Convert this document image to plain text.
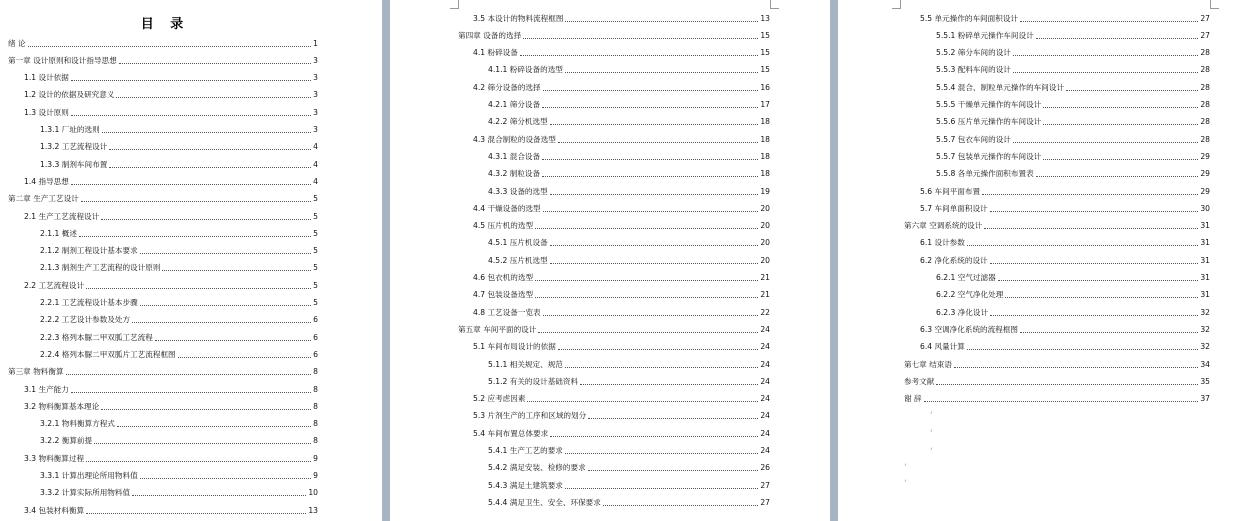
目 录
绪 论	1
第一章 设计原则和设计指导思想	3
1.1 设计依据	3
1.2 设计的依据及研究意义	3
1.3 设计原则	3
1.3.1 厂址的选则	3
1.3.2 工艺流程设计	4
1.3.3 制剂车间布置	4
1.4 指导思想	4
第二章 生产工艺设计	5
2.1 生产工艺流程设计	5
2.1.1 概述	5
2.1.2 制剂工程设计基本要求	5
2.1.3 制剂生产工艺流程的设计原则	5
2.2 工艺流程设计	5
2.2.1 工艺流程设计基本步骤	5
2.2.2 工艺设计参数及处方	6
2.2.3 格列本脲二甲双胍工艺流程	6
2.2.4 格列本脲二甲双胍片工艺流程框图	6
第三章 物料衡算	8
3.1 生产能力	8
3.2 物料衡算基本理论	8
3.2.1 物料衡算方程式	8
3.2.2 衡算前提	8
3.3 物料衡算过程	9
3.3.1 计算出理论所用物料值	9
3.3.2 计算实际所用物料值	10
3.4 包装材料衡算	13
3.5 本设计的物料流程框图	13
第四章 设备的选择	15
4.1 粉碎设备	15
4.1.1 粉碎设备的选型	15
4.2 筛分设备的选择	16
4.2.1 筛分设备	17
4.2.2 筛分机选型	18
4.3 混合制粒的设备选型	18
4.3.1 混合设备	18
4.3.2 制粒设备	18
4.3.3 设备的选型	19
4.4 干燥设备的选型	20
4.5 压片机的选型	20
4.5.1 压片机设备	20
4.5.2 压片机选型	20
4.6 包衣机的选型	21
4.7 包装设备选型	21
4.8 工艺设备一览表	22
第五章 车间平面的设计	24
5.1 车间布局设计的依据	24
5.1.1 相关规定、规范	24
5.1.2 有关的设计基础资料	24
5.2 应考虑因素	24
5.3 片剂生产的工序和区域的划分	24
5.4 车间布置总体要求	24
5.4.1 生产工艺的要求	24
5.4.2 满足安装、检修的要求	26
5.4.3 满足土建筑要求	27
5.4.4 满足卫生、安全、环保要求	27
ʴ
ʴ
ʴ
ʴ
ʴ
5.5 单元操作的车间面积设计	27
5.5.1 粉碎单元操作车间设计	27
5.5.2 筛分车间的设计	28
5.5.3 配料车间的设计	28
5.5.4 混合、制粒单元操作的车间设计	28
5.5.5 干燥单元操作的车间设计	28
5.5.6 压片单元操作的车间设计	28
5.5.7 包衣车间的设计	28
5.5.7 包装单元操作的车间设计	29
5.5.8 各单元操作面积布置表	29
5.6 车间平面布置	29
5.7 车间单面积设计	30
第六章 空调系统的设计	31
6.1 设计参数	31
6.2 净化系统的设计	31
6.2.1 空气过滤器	31
6.2.2 空气净化处理	31
6.2.3 净化设计	32
6.3 空调净化系统的流程框图	32
6.4 风量计算	32
第七章 结束语	34
参考文献	35
谢 辞	37
